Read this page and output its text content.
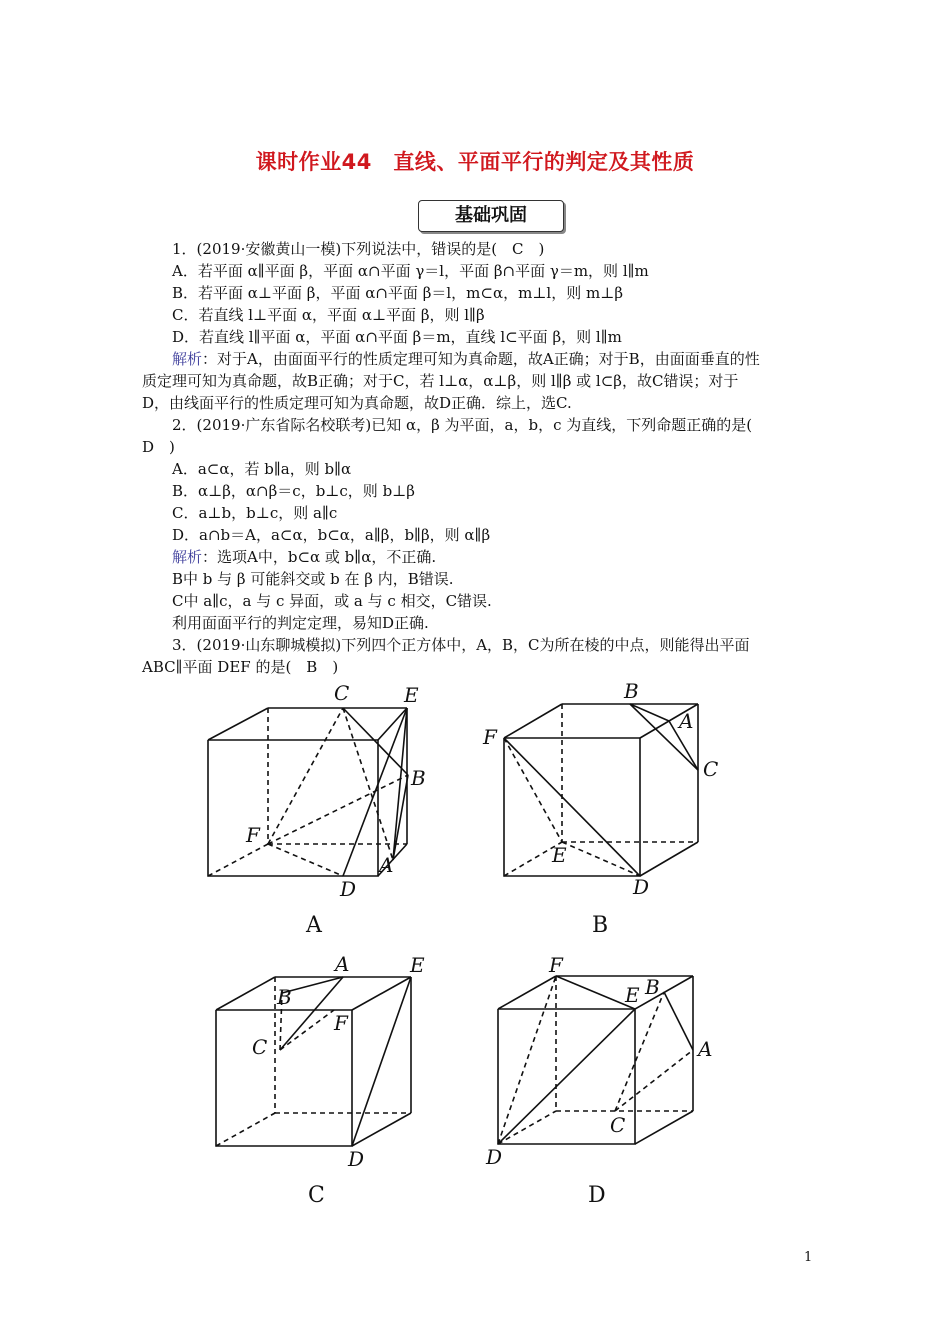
课时作业44　直线、平面平行的判定及其性质
基础巩固
1．(2019·安徽黄山一模)下列说法中，错误的是(　C　)
A．若平面 α∥平面 β，平面 α∩平面 γ＝l，平面 β∩平面 γ＝m，则 l∥m
B．若平面 α⊥平面 β，平面 α∩平面 β＝l，m⊂α，m⊥l，则 m⊥β
C．若直线 l⊥平面 α，平面 α⊥平面 β，则 l∥β
D．若直线 l∥平面 α，平面 α∩平面 β＝m，直线 l⊂平面 β，则 l∥m
解析：对于A，由面面平行的性质定理可知为真命题，故A正确；对于B，由面面垂直的性
质定理可知为真命题，故B正确；对于C，若 l⊥α，α⊥β，则 l∥β 或 l⊂β，故C错误；对于
D，由线面平行的性质定理可知为真命题，故D正确．综上，选C.
2．(2019·广东省际名校联考)已知 α，β 为平面，a，b，c 为直线，下列命题正确的是(
D　)
A．a⊂α，若 b∥a，则 b∥α
B．α⊥β，α∩β＝c，b⊥c，则 b⊥β
C．a⊥b，b⊥c，则 a∥c
D．a∩b＝A，a⊂α，b⊂α，a∥β，b∥β，则 α∥β
解析：选项A中，b⊂α 或 b∥α，不正确.
B中 b 与 β 可能斜交或 b 在 β 内，B错误.
C中 a∥c，a 与 c 异面，或 a 与 c 相交，C错误.
利用面面平行的判定定理，易知D正确.
3．(2019·山东聊城模拟)下列四个正方体中，A，B，C为所在棱的中点，则能得出平面
ABC∥平面 DEF 的是(　B　)
C	E
B
F
A
D
A
B
A
F
C
E
D
B
A	E
B
F
C
D
C
F
E B
A
C
D
D
1
